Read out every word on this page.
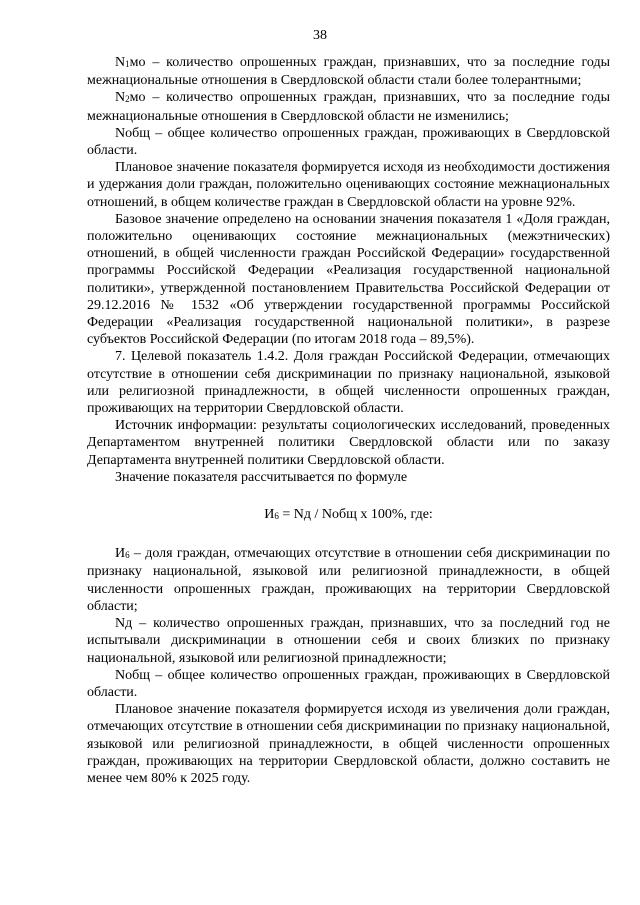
38

$N_1мо$ – количество опрошенных граждан, признавших, что за последние годы межнациональные отношения в Свердловской области стали более толерантными;

$N_2мо$ – количество опрошенных граждан, признавших, что за последние годы межнациональные отношения в Свердловской области не изменились;

Nобщ – общее количество опрошенных граждан, проживающих в Свердловской области.

Плановое значение показателя формируется исходя из необходимости достижения и удержания доли граждан, положительно оценивающих состояние межнациональных отношений, в общем количестве граждан в Свердловской области на уровне 92%.

Базовое значение определено на основании значения показателя 1 «Доля граждан, положительно оценивающих состояние межнациональных (межэтнических) отношений, в общей численности граждан Российской Федерации» государственной программы Российской Федерации «Реализация государственной национальной политики», утвержденной постановлением Правительства Российской Федерации от 29.12.2016 № 1532 «Об утверждении государственной программы Российской Федерации «Реализация государственной национальной политики», в разрезе субъектов Российской Федерации (по итогам 2018 года – 89,5%).

7. Целевой показатель 1.4.2. Доля граждан Российской Федерации, отмечающих отсутствие в отношении себя дискриминации по признаку национальной, языковой или религиозной принадлежности, в общей численности опрошенных граждан, проживающих на территории Свердловской области.

Источник информации: результаты социологических исследований, проведенных Департаментом внутренней политики Свердловской области или по заказу Департамента внутренней политики Свердловской области.

Значение показателя рассчитывается по формуле

$И_6$ = Nд / Nобщ x 100%, где:

$И_6$ – доля граждан, отмечающих отсутствие в отношении себя дискриминации по признаку национальной, языковой или религиозной принадлежности, в общей численности опрошенных граждан, проживающих на территории Свердловской области;

Nд – количество опрошенных граждан, признавших, что за последний год не испытывали дискриминации в отношении себя и своих близких по признаку национальной, языковой или религиозной принадлежности;

Nобщ – общее количество опрошенных граждан, проживающих в Свердловской области.

Плановое значение показателя формируется исходя из увеличения доли граждан, отмечающих отсутствие в отношении себя дискриминации по признаку национальной, языковой или религиозной принадлежности, в общей численности опрошенных граждан, проживающих на территории Свердловской области, должно составить не менее чем 80% к 2025 году.
